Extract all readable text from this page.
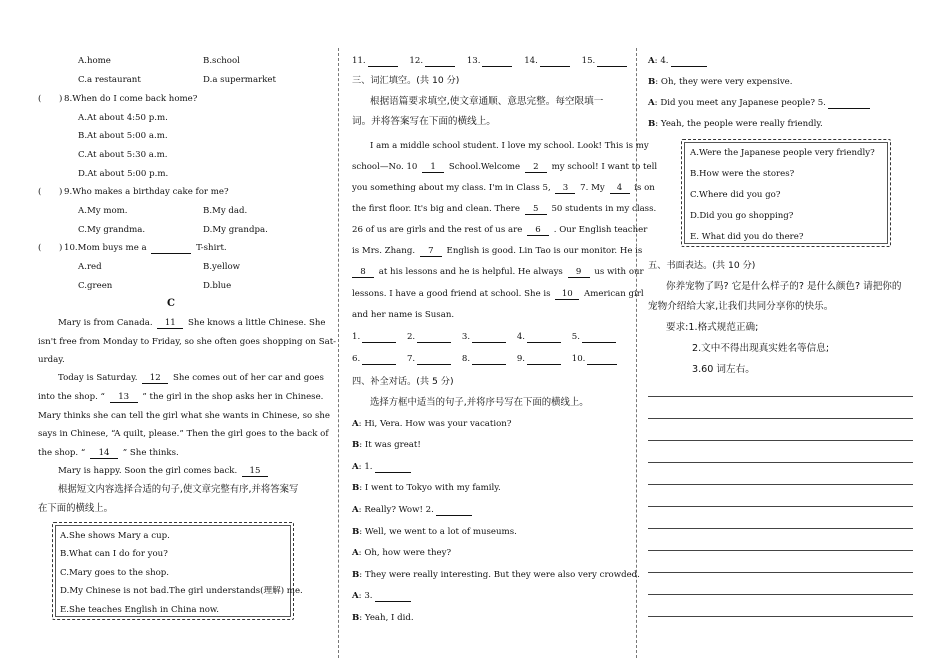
A.home	B.school
C.a restaurant	D.a supermarket
( ) 8.When do I come back home?
A.At about 4:50 p.m.
B.At about 5:00 a.m.
C.At about 5:30 a.m.
D.At about 5:00 p.m.
( ) 9.Who makes a birthday cake for me?
A.My mom.	B.My dad.
C.My grandma.	D.My grandpa.
( ) 10.Mom buys me a	T-shirt.
A.red	B.yellow
C.green	D.blue
C
Mary is from Canada. 11 She knows a little Chinese. She
isn't free from Monday to Friday, so she often goes shopping on Sat-
urday.
Today is Saturday. 12 She comes out of her car and goes
into the shop. “ 13 ” the girl in the shop asks her in Chinese.
Mary thinks she can tell the girl what she wants in Chinese, so she
says in Chinese, “A quilt, please.” Then the girl goes to the back of
the shop. “ 14 ” She thinks.
Mary is happy. Soon the girl comes back. 15
根据短文内容选择合适的句子,使文章完整有序,并将答案写
在下面的横线上。
A.She shows Mary a cup.
B.What can I do for you?
C.Mary goes to the shop.
D.My Chinese is not bad.The girl understands(理解) me.
E.She teaches English in China now.
11.	12.	13.	14.	15.
三、词汇填空。(共 10 分)
根据语篇要求填空,使文章通顺、意思完整。每空限填一
词。并将答案写在下面的横线上。
I am a middle school student. I love my school. Look! This is my
school—No. 10 1 School.Welcome 2 my school! I want to tell
you something about my class. I'm in Class 5, 3 7. My 4 is on
the first floor. It's big and clean. There 5 50 students in my class.
26 of us are girls and the rest of us are 6 . Our English teacher
is Mrs. Zhang. 7 English is good. Lin Tao is our monitor. He is
8 at his lessons and he is helpful. He always 9 us with our
lessons. I have a good friend at school. She is 10 American girl
and her name is Susan.
1.	2.	3.	4.	5.
6.	7.	8.	9.	10.
四、补全对话。(共 5 分)
选择方框中适当的句子,并将序号写在下面的横线上。
A: Hi, Vera. How was your vacation?
B: It was great!
A: 1.
B: I went to Tokyo with my family.
A: Really? Wow! 2.
B: Well, we went to a lot of museums.
A: Oh, how were they?
B: They were really interesting. But they were also very crowded.
A: 3.
B: Yeah, I did.
A: 4.
B: Oh, they were very expensive.
A: Did you meet any Japanese people? 5.
B: Yeah, the people were really friendly.
A.Were the Japanese people very friendly?
B.How were the stores?
C.Where did you go?
D.Did you go shopping?
E. What did you do there?
五、书面表达。(共 10 分)
你养宠物了吗? 它是什么样子的? 是什么颜色? 请把你的
宠物介绍给大家,让我们共同分享你的快乐。
要求:1.格式规范正确;
2.文中不得出现真实姓名等信息;
3.60 词左右。
